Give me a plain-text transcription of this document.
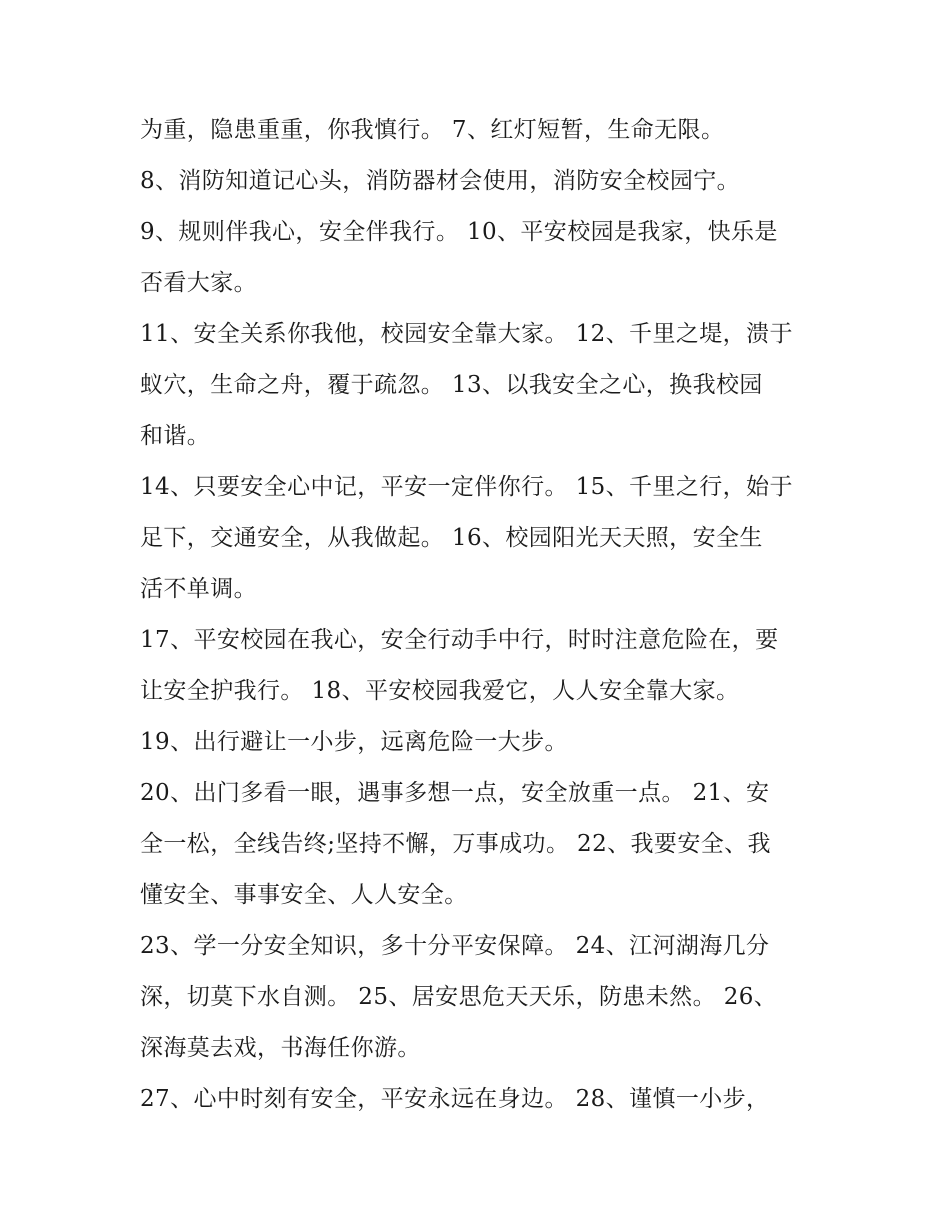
为重，隐患重重，你我慎行。 7、红灯短暂，生命无限。
8、消防知道记心头，消防器材会使用，消防安全校园宁。
9、规则伴我心，安全伴我行。 10、平安校园是我家，快乐是
否看大家。
11、安全关系你我他，校园安全靠大家。 12、千里之堤，溃于
蚁穴，生命之舟，覆于疏忽。 13、以我安全之心，换我校园
和谐。
14、只要安全心中记，平安一定伴你行。 15、千里之行，始于
足下，交通安全，从我做起。 16、校园阳光天天照，安全生
活不单调。
17、平安校园在我心，安全行动手中行，时时注意危险在，要
让安全护我行。 18、平安校园我爱它，人人安全靠大家。
19、出行避让一小步，远离危险一大步。
20、出门多看一眼，遇事多想一点，安全放重一点。 21、安
全一松，全线告终;坚持不懈，万事成功。 22、我要安全、我
懂安全、事事安全、人人安全。
23、学一分安全知识，多十分平安保障。 24、江河湖海几分
深，切莫下水自测。 25、居安思危天天乐，防患未然。 26、
深海莫去戏，书海任你游。
27、心中时刻有安全，平安永远在身边。 28、谨慎一小步，
